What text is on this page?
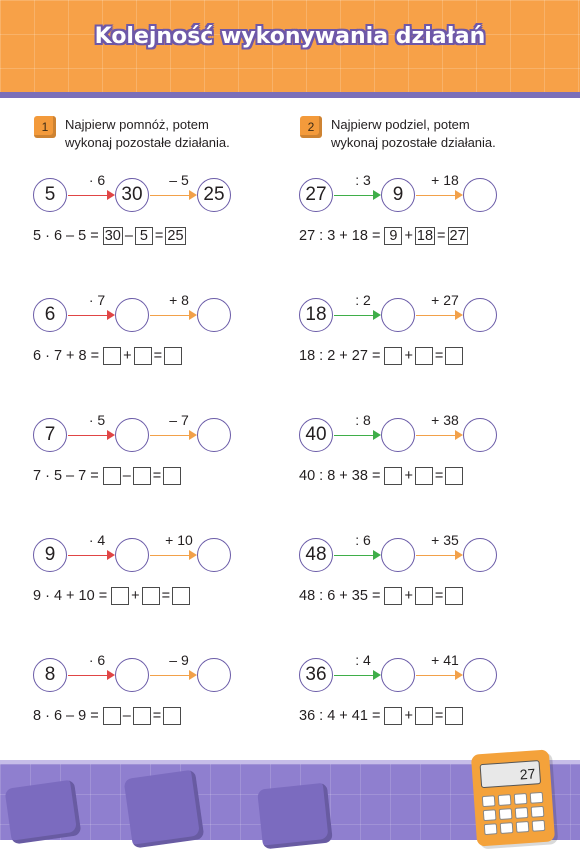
Kolejność wykonywania działań
1	Najpierw pomnóż, potem
wykonaj pozostałe działania.
5
· 6
30
– 5
25
5 · 6 – 5 = 30 – 5 = 25
6
· 7	+ 8
6 · 7 + 8 = + =
7
· 5	– 7
7 · 5 – 7 = – =
9
· 4	+ 10
9 · 4 + 10 = + =
8
· 6	– 9
8 · 6 – 9 = – =
2	Najpierw podziel, potem
wykonaj pozostałe działania.
27
: 3
9
+ 18
27 : 3 + 18 = 9 + 18 = 27
18
: 2	+ 27
18 : 2 + 27 = + =
40
: 8	+ 38
40 : 8 + 38 = + =
48
: 6	+ 35
48 : 6 + 35 = + =
36
: 4	+ 41
36 : 4 + 41 = + =
27
